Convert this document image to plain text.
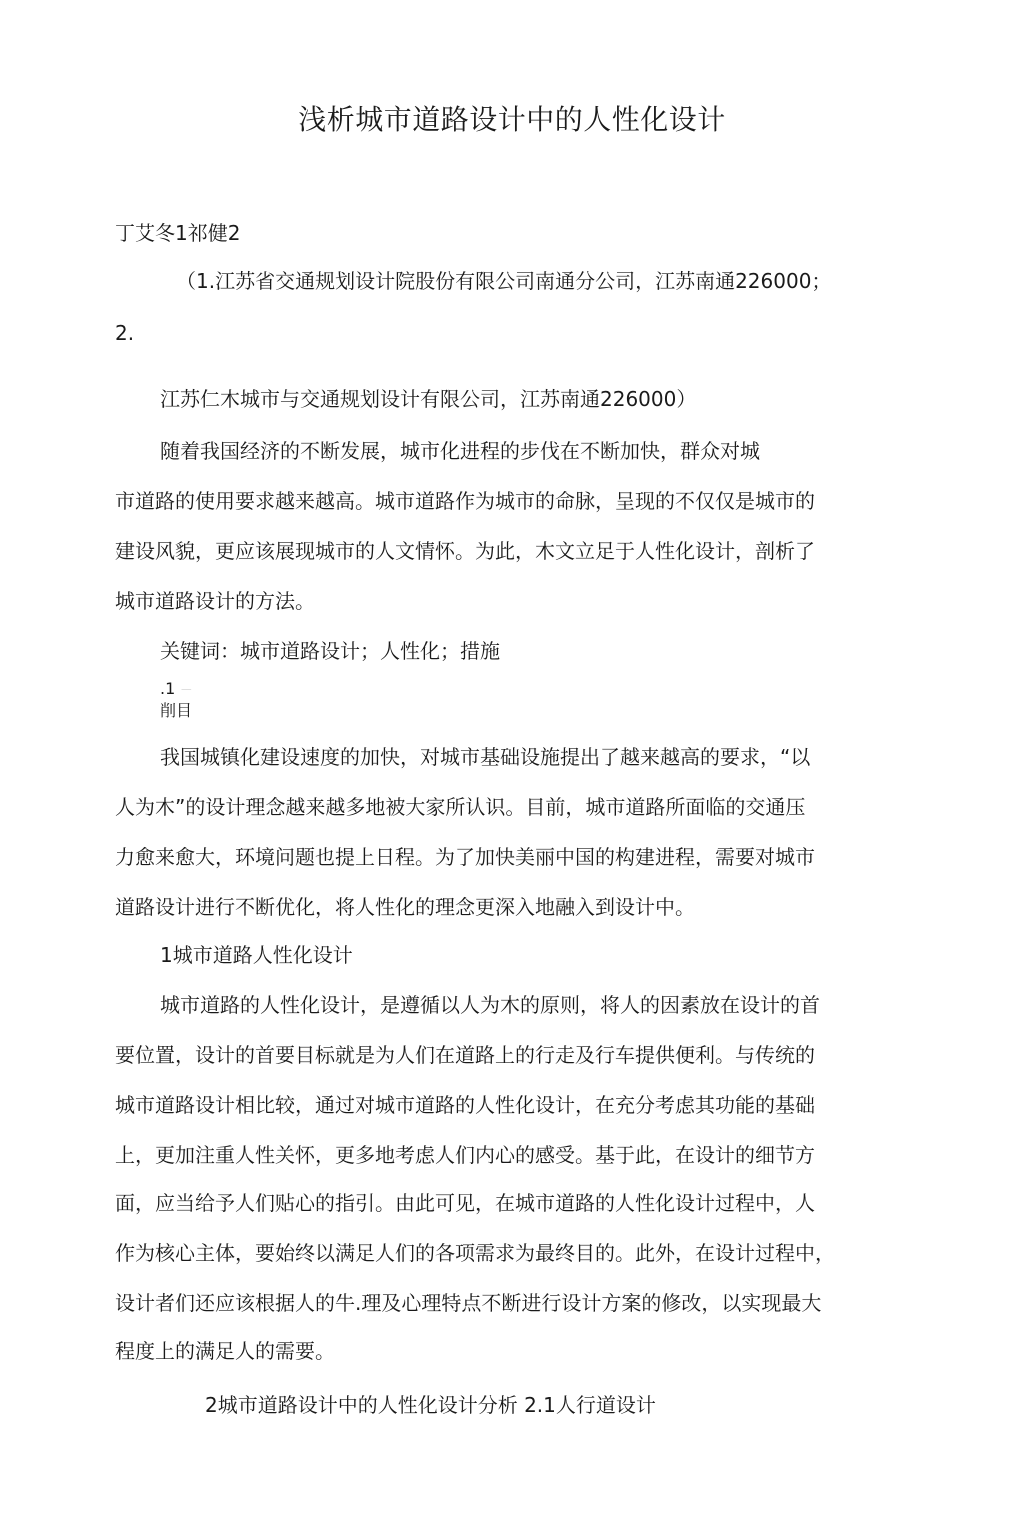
浅析城市道路设计中的人性化设计
丁艾冬1祁健2
（1.江苏省交通规划设计院股份有限公司南通分公司，江苏南通226000；
2.
江苏仁木城市与交通规划设计有限公司，江苏南通226000）
随着我国经济的不断发展，城市化进程的步伐在不断加快，群众对城
市道路的使用要求越来越高。城市道路作为城市的命脉，呈现的不仅仅是城市的
建设风貌，更应该展现城市的人文情怀。为此，木文立足于人性化设计，剖析了
城市道路设计的方法。
关键词：城市道路设计；人性化；措施
.1 ⸺
削目
我国城镇化建设速度的加快，对城市基础设施提出了越来越高的要求，“以
人为木”的设计理念越来越多地被大家所认识。目前，城市道路所面临的交通压
力愈来愈大，环境问题也提上日程。为了加快美丽中国的构建进程，需要对城市
道路设计进行不断优化，将人性化的理念更深入地融入到设计中。
1城市道路人性化设计
城市道路的人性化设计，是遵循以人为木的原则，将人的因素放在设计的首
要位置，设计的首要目标就是为人们在道路上的行走及行车提供便利。与传统的
城市道路设计相比较，通过对城市道路的人性化设计，在充分考虑其功能的基础
上，更加注重人性关怀，更多地考虑人们内心的感受。基于此，在设计的细节方
面，应当给予人们贴心的指引。由此可见，在城市道路的人性化设计过程中，人
作为核心主体，要始终以满足人们的各项需求为最终目的。此外，在设计过程中，
设计者们还应该根据人的牛.理及心理特点不断进行设计方案的修改，以实现最大
程度上的满足人的需要。
2城市道路设计中的人性化设计分析 2.1人行道设计
